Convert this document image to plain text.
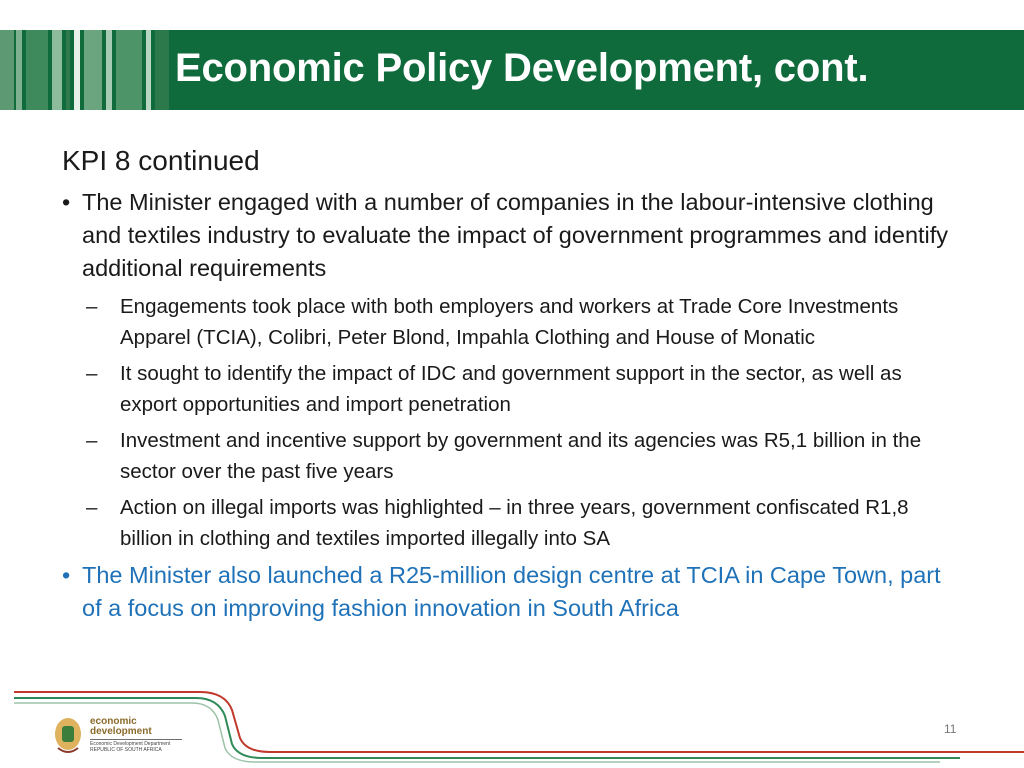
Economic Policy Development, cont.
KPI 8 continued
• The Minister engaged with a number of companies in the labour-intensive clothing and textiles industry to evaluate the impact of government programmes and identify additional requirements
– Engagements took place with both employers and workers at Trade Core Investments Apparel (TCIA), Colibri, Peter Blond, Impahla Clothing and House of Monatic
– It sought to identify the impact of IDC and government support in the sector, as well as export opportunities and import penetration
– Investment and incentive support by government and its agencies was R5,1 billion in the sector over the past five years
– Action on illegal imports was highlighted – in three years, government confiscated R1,8 billion in clothing and textiles imported illegally into SA
• The Minister also launched a R25-million design centre at TCIA in Cape Town, part of a focus on improving fashion innovation in South Africa
economic
development
Economic Development Department
REPUBLIC OF SOUTH AFRICA
11
